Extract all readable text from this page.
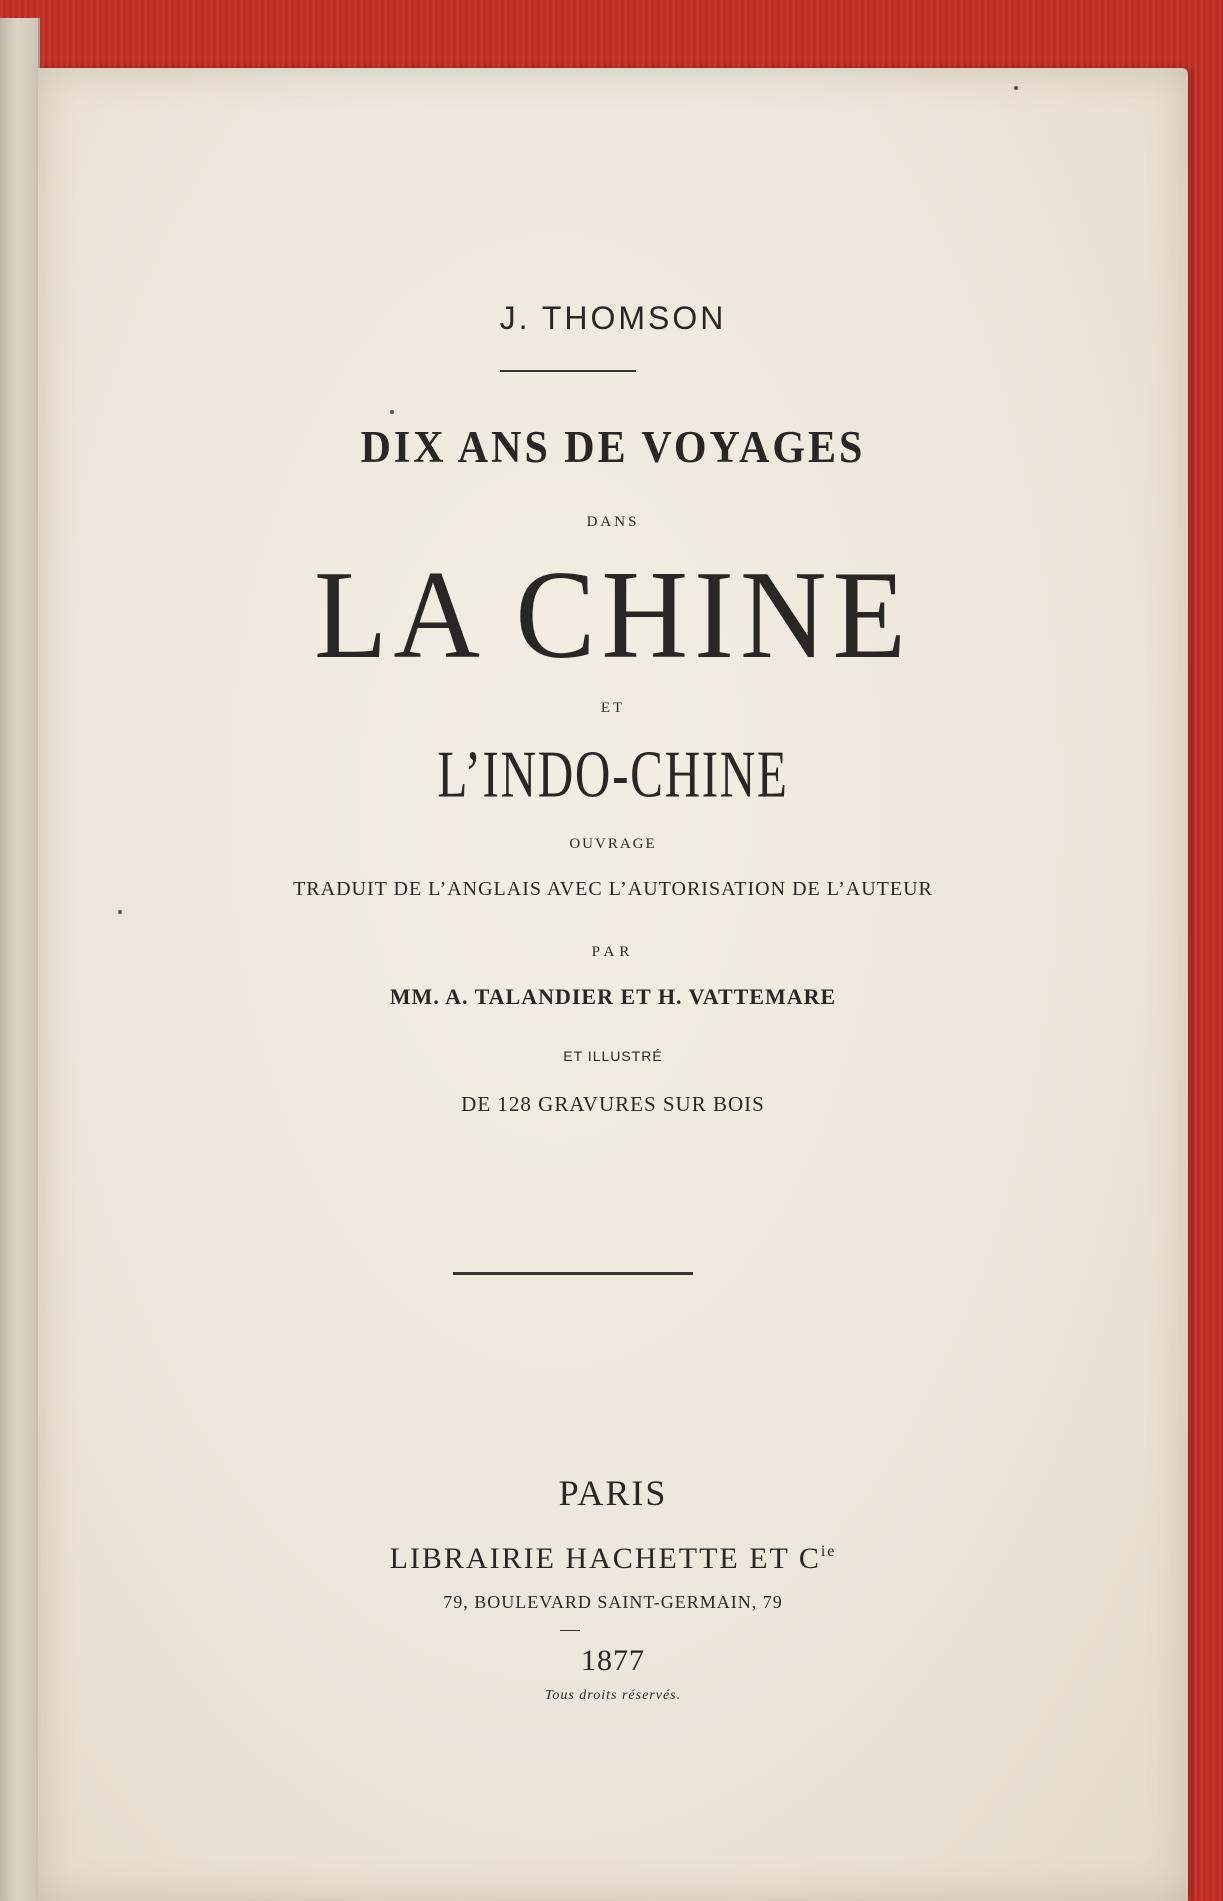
J. THOMSON
DIX ANS DE VOYAGES
DANS
LA CHINE
ET
L’INDO-CHINE
OUVRAGE
TRADUIT DE L’ANGLAIS AVEC L’AUTORISATION DE L’AUTEUR
PAR
MM. A. TALANDIER ET H. VATTEMARE
ET ILLUSTRÉ
DE 128 GRAVURES SUR BOIS
PARIS
LIBRAIRIE HACHETTE ET $C^{ie}$
79, BOULEVARD SAINT-GERMAIN, 79
1877
Tous droits réservés.
